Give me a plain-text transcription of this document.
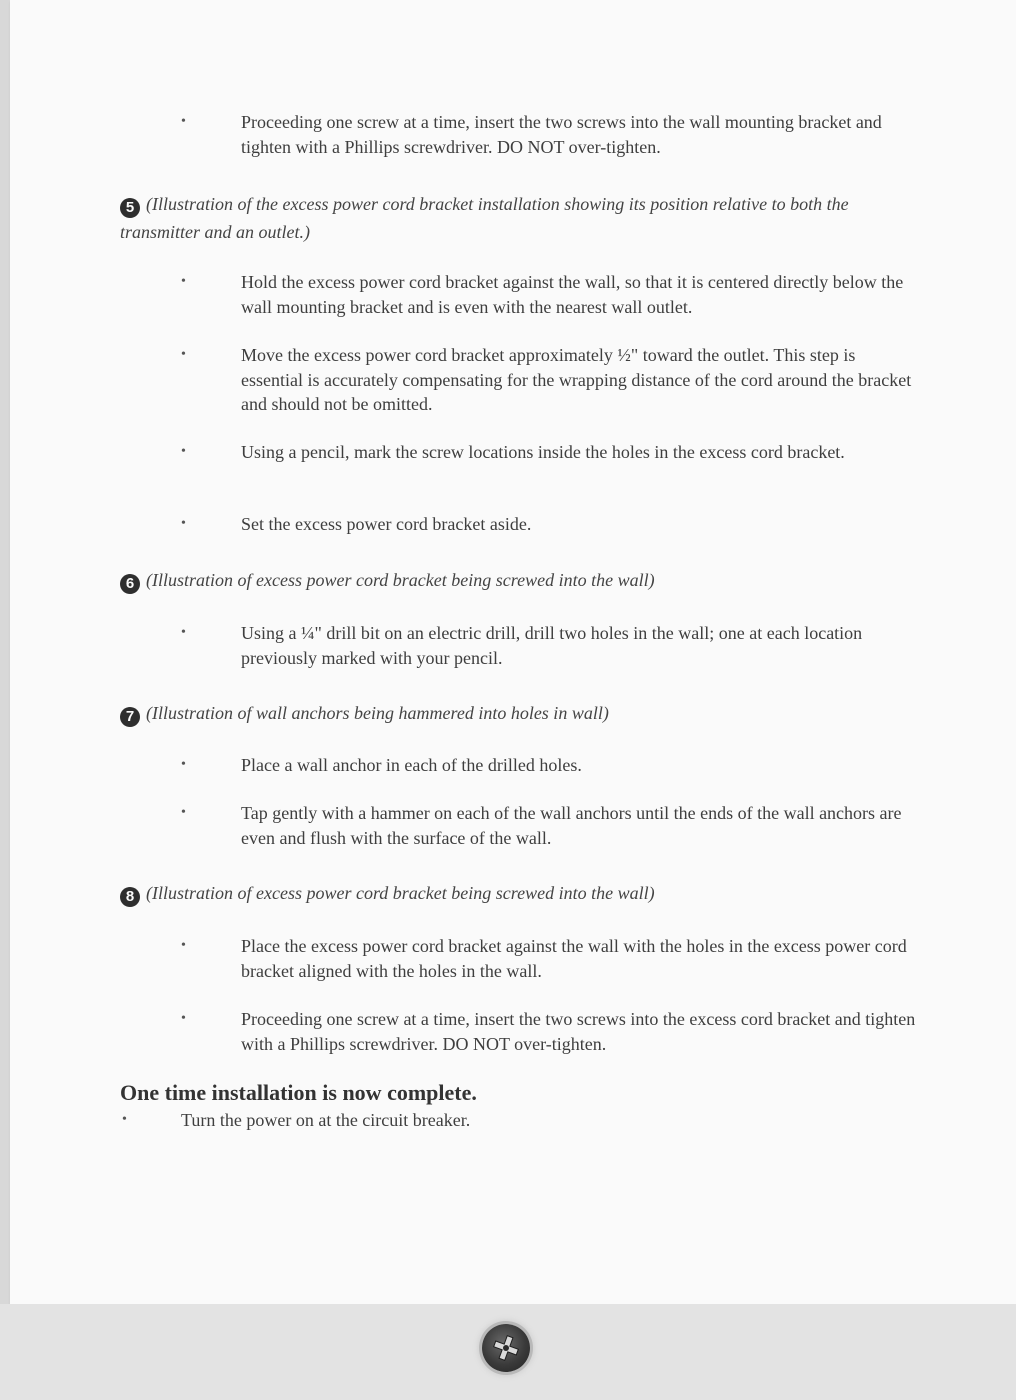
•	Proceeding one screw at a time, insert the two screws into the wall mounting bracket and tighten with a Phillips screwdriver. DO NOT over-tighten.
5 (Illustration of the excess power cord bracket installation showing its position relative to both the transmitter and an outlet.)
•	Hold the excess power cord bracket against the wall, so that it is centered directly below the wall mounting bracket and is even with the nearest wall outlet.
•	Move the excess power cord bracket approximately ½" toward the outlet. This step is essential is accurately compensating for the wrapping distance of the cord around the bracket and should not be omitted.
•	Using a pencil, mark the screw locations inside the holes in the excess cord bracket.
•	Set the excess power cord bracket aside.
6 (Illustration of excess power cord bracket being screwed into the wall)
•	Using a ¼" drill bit on an electric drill, drill two holes in the wall; one at each location previously marked with your pencil.
7 (Illustration of wall anchors being hammered into holes in wall)
•	Place a wall anchor in each of the drilled holes.
•	Tap gently with a hammer on each of the wall anchors until the ends of the wall anchors are even and flush with the surface of the wall.
8 (Illustration of excess power cord bracket being screwed into the wall)
•	Place the excess power cord bracket against the wall with the holes in the excess power cord bracket aligned with the holes in the wall.
•	Proceeding one screw at a time, insert the two screws into the excess cord bracket and tighten with a Phillips screwdriver. DO NOT over-tighten.
One time installation is now complete.
•	Turn the power on at the circuit breaker.
